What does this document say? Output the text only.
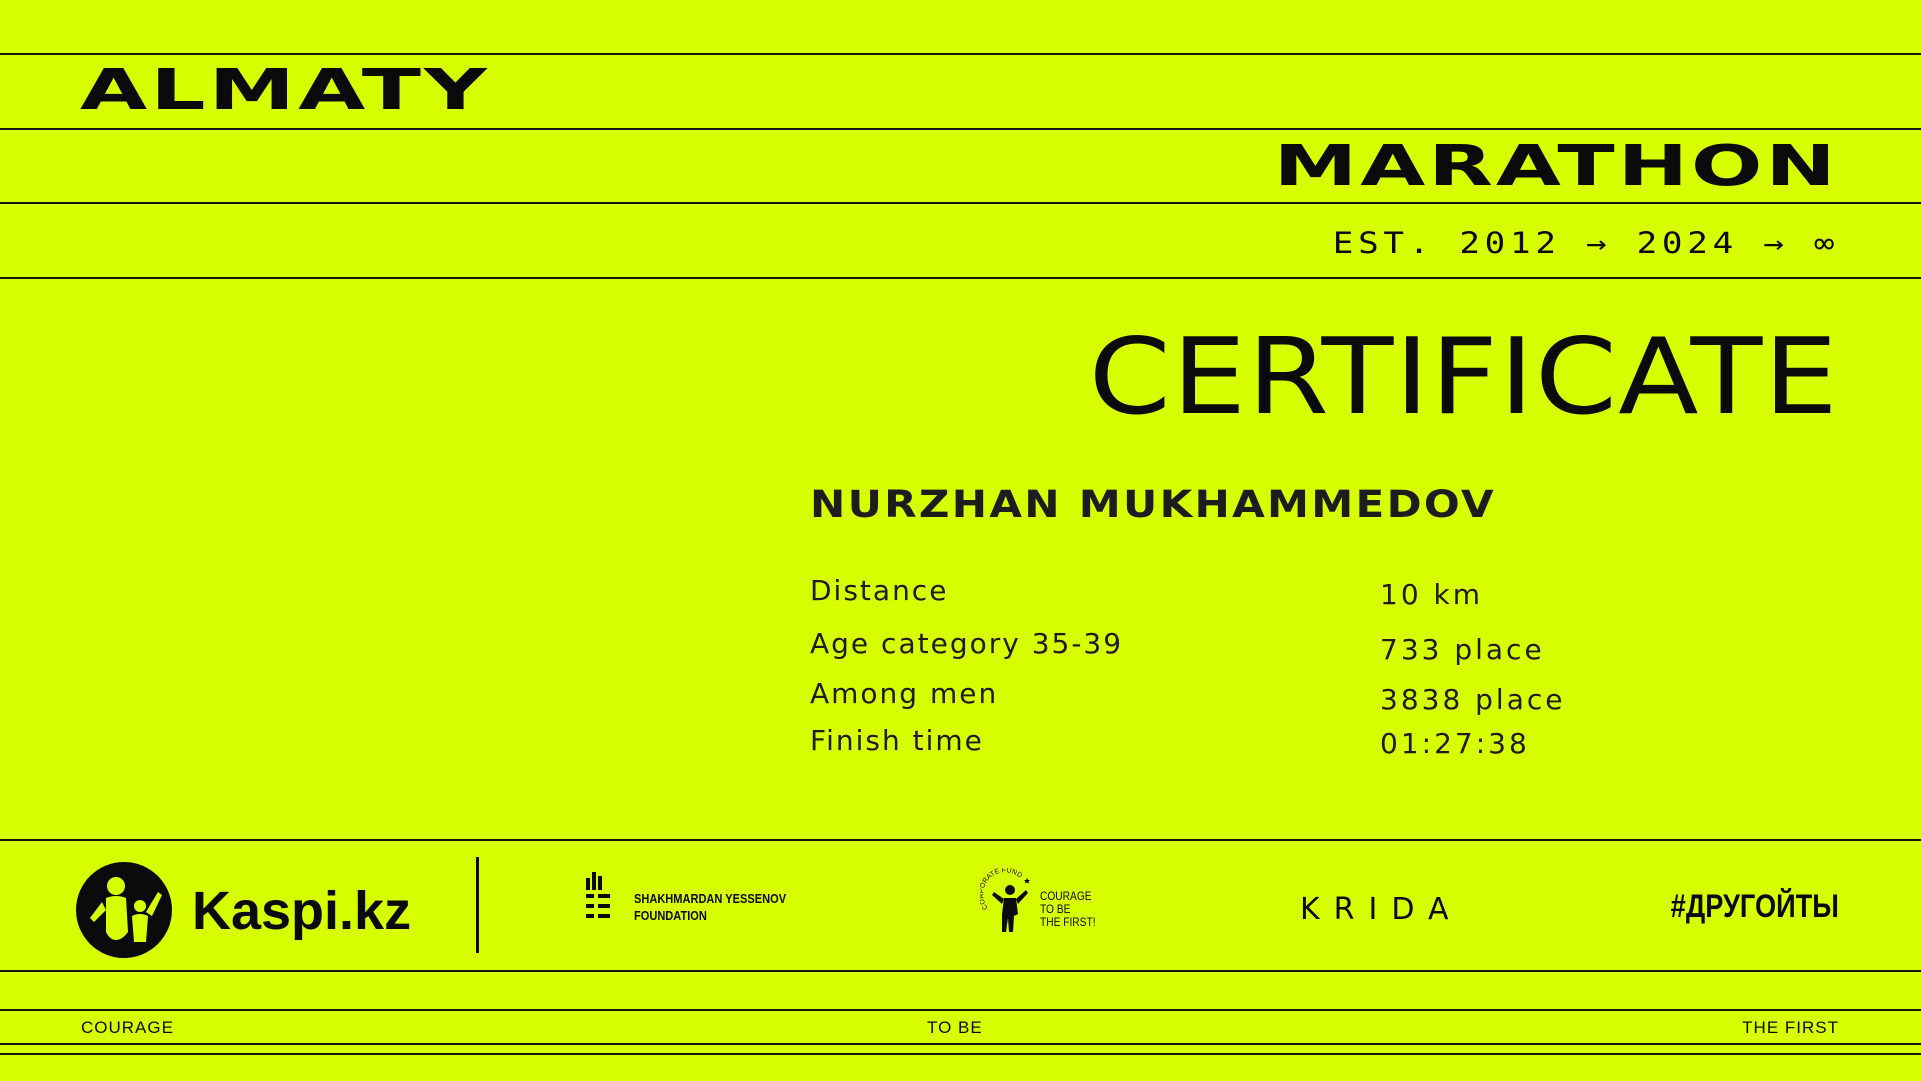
ALMATY
MARATHON
EST. 2012 → 2024 → ∞
CERTIFICATE
NURZHAN MUKHAMMEDOV
Distance	10 km
Age category 35-39	733 place
Among men	3838 place
Finish time	01:27:38
Kaspi.kz	SHAKHMARDAN YESSENOV
FOUNDATION
C RATE FUND
COURAGE
TO BE
THE FIRST!	KRIDA	#ДРУГОЙТЫ
COURAGE	TO BE	THE FIRST
